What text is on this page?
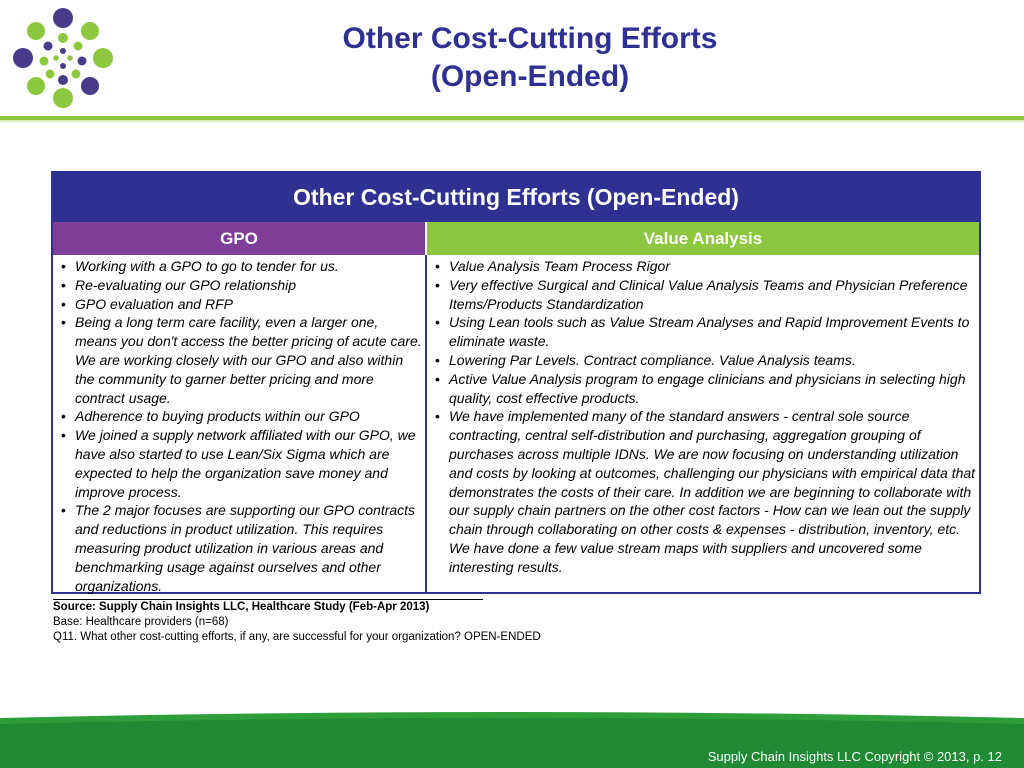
Other Cost-Cutting Efforts
(Open-Ended)
Other Cost-Cutting Efforts (Open-Ended)
GPO	Value Analysis
• Working with a GPO to go to tender for us.
• Re-evaluating our GPO relationship
• GPO evaluation and RFP
• Being a long term care facility, even a larger one, means you don't access the better pricing of acute care. We are working closely with our GPO and also within the community to garner better pricing and more contract usage.
• Adherence to buying products within our GPO
• We joined a supply network affiliated with our GPO, we have also started to use Lean/Six Sigma which are expected to help the organization save money and improve process.
• The 2 major focuses are supporting our GPO contracts and reductions in product utilization. This requires measuring product utilization in various areas and benchmarking usage against ourselves and other organizations.
• Value Analysis Team Process Rigor
• Very effective Surgical and Clinical Value Analysis Teams and Physician Preference Items/Products Standardization
• Using Lean tools such as Value Stream Analyses and Rapid Improvement Events to eliminate waste.
• Lowering Par Levels. Contract compliance. Value Analysis teams.
• Active Value Analysis program to engage clinicians and physicians in selecting high quality, cost effective products.
• We have implemented many of the standard answers - central sole source contracting, central self-distribution and purchasing, aggregation grouping of purchases across multiple IDNs. We are now focusing on understanding utilization and costs by looking at outcomes, challenging our physicians with empirical data that demonstrates the costs of their care. In addition we are beginning to collaborate with our supply chain partners on the other cost factors - How can we lean out the supply chain through collaborating on other costs & expenses - distribution, inventory, etc. We have done a few value stream maps with suppliers and uncovered some interesting results.
Source: Supply Chain Insights LLC, Healthcare Study (Feb-Apr 2013)
Base: Healthcare providers (n=68)
Q11. What other cost-cutting efforts, if any, are successful for your organization? OPEN-ENDED
Supply Chain Insights LLC Copyright © 2013, p. 12
